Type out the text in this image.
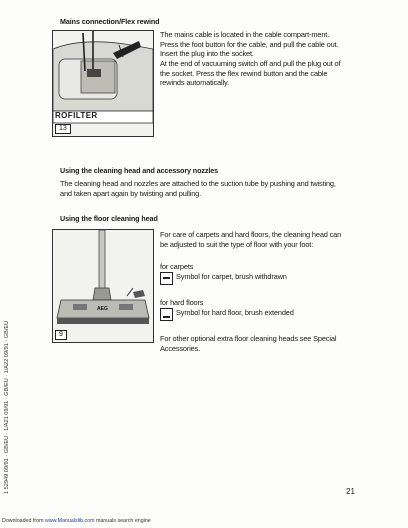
Mains connection/Flex rewind
ROFILTER
13
The mains cable is located in the cable compart-ment. Press the foot button for the cable, and pull the cable out. Insert the plug into the socket.
At the end of vacuuming switch off and pull the plug out of the socket. Press the flex rewind button and the cable rewinds automatically.
Using the cleaning head and accessory nozzles
The cleaning head and nozzles are attached to the suction tube by pushing and twisting, and taken apart again by twisting and pulling.
Using the floor cleaning head
AEG
9
For care of carpets and hard floors, the cleaning head can be adjusted to suit the type of floor with your foot:
for carpets
Symbol for carpet, brush withdrawn
for hard floors
Symbol for hard floor, brush extended
For other optional extra floor cleaning heads see Special Accessories.
1 52949 09/91 · GB/EU · 1/A21 09/91 · GB/EU · 1/A22 09/91 · GB/EU	21
Downloaded from www.Manualslib.com manuals search engine
